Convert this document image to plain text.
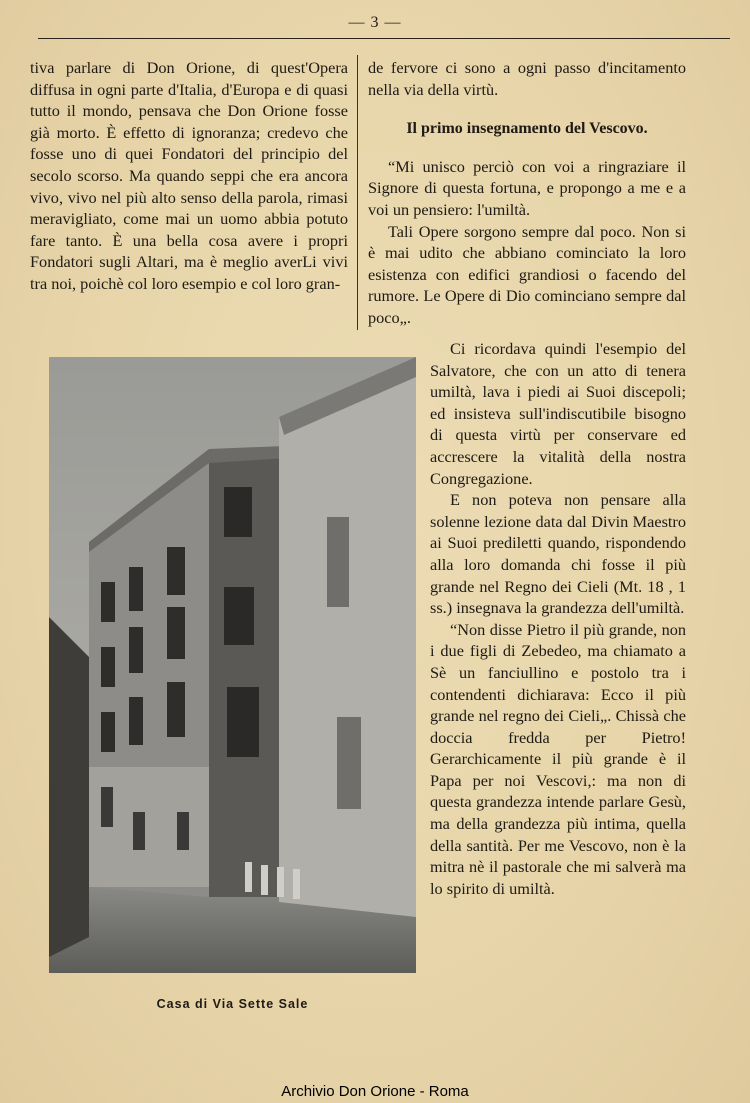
— 3 —

tiva parlare di Don Orione, di quest'Opera diffusa in ogni parte d'Italia, d'Europa e di quasi tutto il mondo, pensava che Don Orione fosse già morto. È effetto di ignoranza; credevo che fosse uno di quei Fondatori del principio del secolo scorso. Ma quando seppi che era ancora vivo, vivo nel più alto senso della parola, rimasi meravigliato, come mai un uomo abbia potuto fare tanto. È una bella cosa avere i propri Fondatori sugli Altari, ma è meglio averLi vivi tra noi, poichè col loro esempio e col loro gran-

de fervore ci sono a ogni passo d'incitamento nella via della virtù.

Il primo insegnamento del Vescovo.

“Mi unisco perciò con voi a ringraziare il Signore di questa fortuna, e propongo a me e a voi un pensiero: l'umiltà.

Tali Opere sorgono sempre dal poco. Non si è mai udito che abbiano cominciato la loro esistenza con edifici grandiosi o facendo del rumore. Le Opere di Dio cominciano sempre dal poco„.

Casa di Via Sette Sale

Ci ricordava quindi l'esempio del Salvatore, che con un atto di tenera umiltà, lava i piedi ai Suoi discepoli; ed insisteva sull'indiscutibile bisogno di questa virtù per conservare ed accrescere la vitalità della nostra Congregazione.

E non poteva non pensare alla solenne lezione data dal Divin Maestro ai Suoi prediletti quando, rispondendo alla loro domanda chi fosse il più grande nel Regno dei Cieli (Mt. 18 , 1 ss.) insegnava la grandezza dell'umiltà.

“Non disse Pietro il più grande, non i due figli di Zebedeo, ma chiamato a Sè un fanciullino e postolo tra i contendenti dichiarava: Ecco il più grande nel regno dei Cieli„. Chissà che doccia fredda per Pietro! Gerarchicamente il più grande è il Papa per noi Vescovi,: ma non di questa grandezza intende parlare Gesù, ma della grandezza più intima, quella della santità. Per me Vescovo, non è la mitra nè il pastorale che mi salverà ma lo spirito di umiltà.

Archivio Don Orione - Roma
